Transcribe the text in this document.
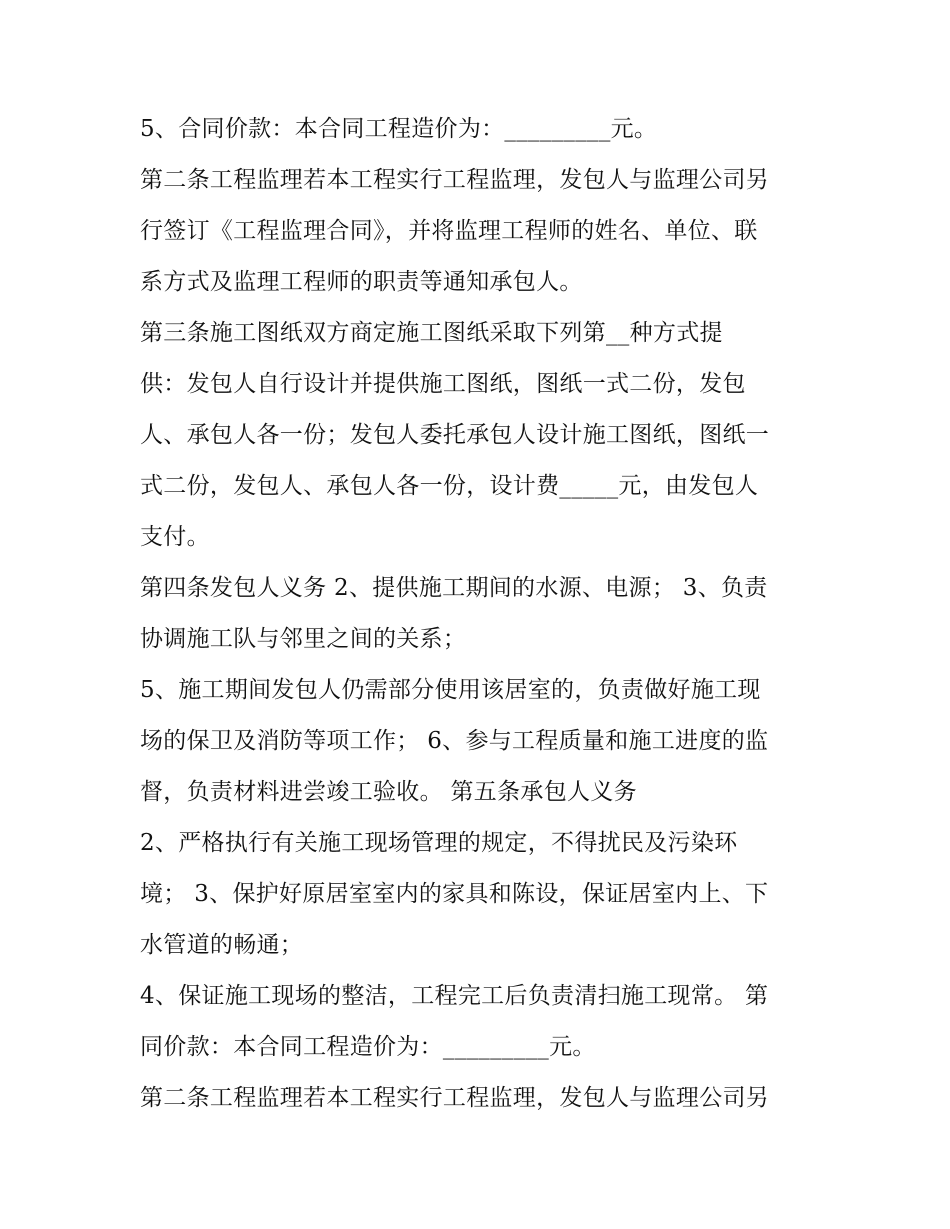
5、合同价款：本合同工程造价为：_________元。
第二条工程监理若本工程实行工程监理，发包人与监理公司另
行签订《工程监理合同》，并将监理工程师的姓名、单位、联
系方式及监理工程师的职责等通知承包人。
第三条施工图纸双方商定施工图纸采取下列第__种方式提
供：发包人自行设计并提供施工图纸，图纸一式二份，发包
人、承包人各一份；发包人委托承包人设计施工图纸，图纸一
式二份，发包人、承包人各一份，设计费_____元，由发包人
支付。
第四条发包人义务 2、提供施工期间的水源、电源； 3、负责
协调施工队与邻里之间的关系；
5、施工期间发包人仍需部分使用该居室的，负责做好施工现
场的保卫及消防等项工作； 6、参与工程质量和施工进度的监
督，负责材料进尝竣工验收。 第五条承包人义务
2、严格执行有关施工现场管理的规定，不得扰民及污染环
境； 3、保护好原居室室内的家具和陈设，保证居室内上、下
水管道的畅通；
4、保证施工现场的整洁，工程完工后负责清扫施工现常。 第
同价款：本合同工程造价为：_________元。
第二条工程监理若本工程实行工程监理，发包人与监理公司另
